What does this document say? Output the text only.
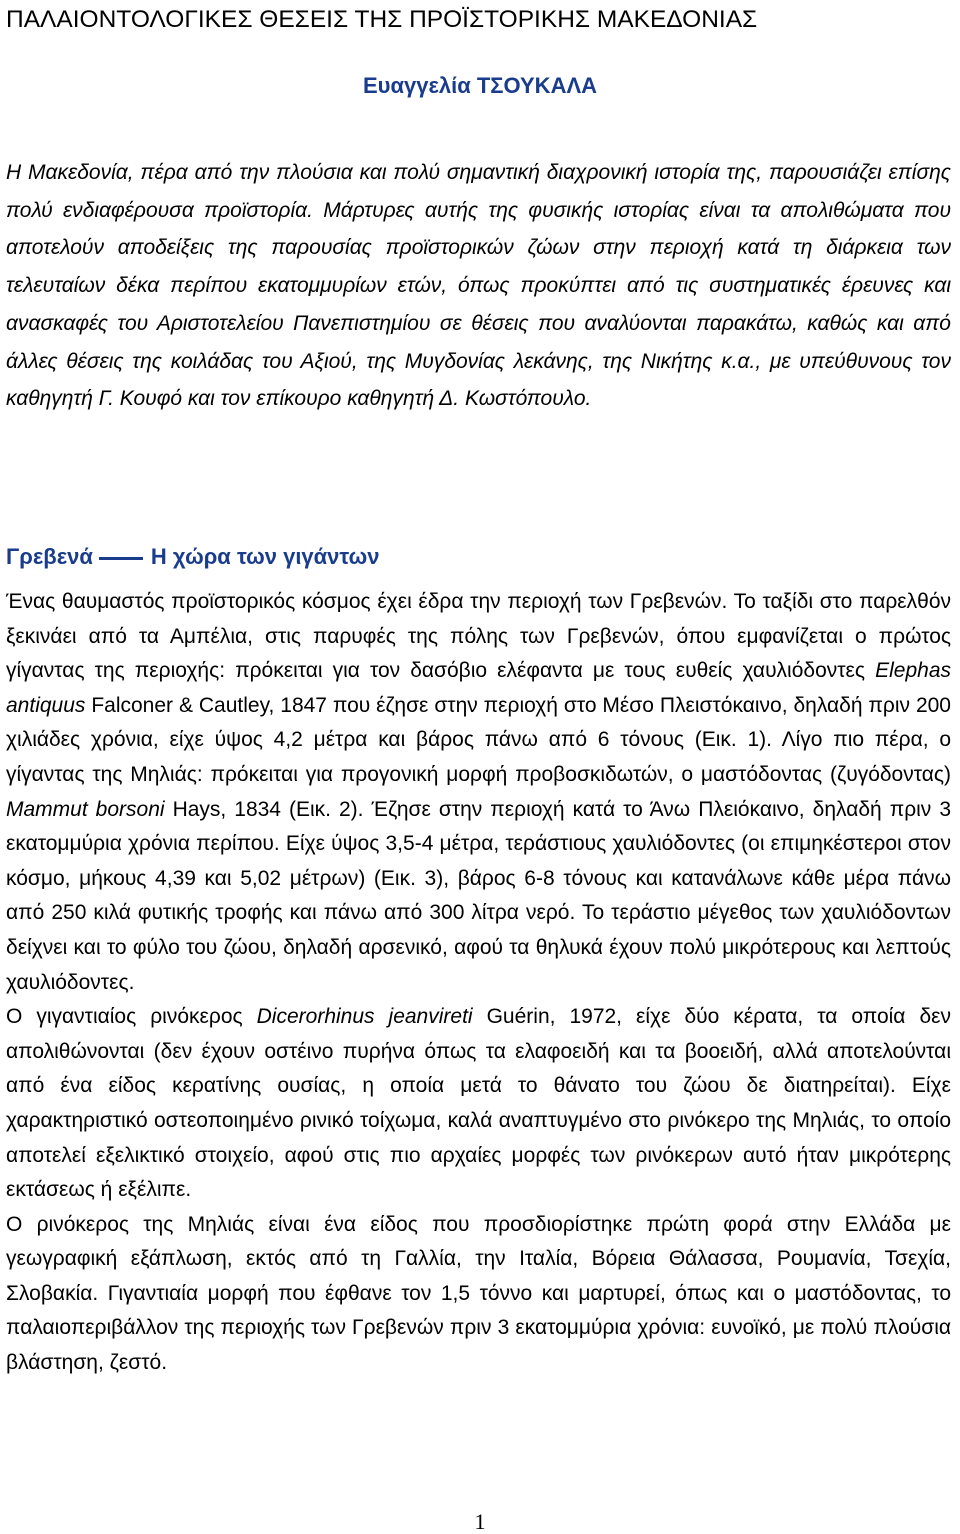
ΠΑΛΑΙΟΝΤΟΛΟΓΙΚΕΣ ΘΕΣΕΙΣ ΤΗΣ ΠΡΟΪΣΤΟΡΙΚΗΣ ΜΑΚΕΔΟΝΙΑΣ
Ευαγγελία ΤΣΟΥΚΑΛΑ

Η Μακεδονία, πέρα από την πλούσια και πολύ σημαντική διαχρονική ιστορία της, παρουσιάζει επίσης πολύ ενδιαφέρουσα προϊστορία. Μάρτυρες αυτής της φυσικής ιστορίας είναι τα απολιθώματα που αποτελούν αποδείξεις της παρουσίας προϊστορικών ζώων στην περιοχή κατά τη διάρκεια των τελευταίων δέκα περίπου εκατομμυρίων ετών, όπως προκύπτει από τις συστηματικές έρευνες και ανασκαφές του Αριστοτελείου Πανεπιστημίου σε θέσεις που αναλύονται παρακάτω, καθώς και από άλλες θέσεις της κοιλάδας του Αξιού, της Μυγδονίας λεκάνης, της Νικήτης κ.α., με υπεύθυνους τον καθηγητή Γ. Κουφό και τον επίκουρο καθηγητή Δ. Κωστόπουλο.

Γρεβενά	Η χώρα των γιγάντων

Ένας θαυμαστός προϊστορικός κόσμος έχει έδρα την περιοχή των Γρεβενών. Το ταξίδι στο παρελθόν ξεκινάει από τα Αμπέλια, στις παρυφές της πόλης των Γρεβενών, όπου εμφανίζεται ο πρώτος γίγαντας της περιοχής: πρόκειται για τον δασόβιο ελέφαντα με τους ευθείς χαυλιόδοντες Elephas antiquus Falconer & Cautley, 1847 που έζησε στην περιοχή στο Μέσο Πλειστόκαινο, δηλαδή πριν 200 χιλιάδες χρόνια, είχε ύψος 4,2 μέτρα και βάρος πάνω από 6 τόνους (Εικ. 1). Λίγο πιο πέρα, ο γίγαντας της Μηλιάς: πρόκειται για προγονική μορφή προβοσκιδωτών, ο μαστόδοντας (ζυγόδοντας) Mammut borsoni Hays, 1834 (Εικ. 2). Έζησε στην περιοχή κατά το Άνω Πλειόκαινο, δηλαδή πριν 3 εκατομμύρια χρόνια περίπου. Είχε ύψος 3,5-4 μέτρα, τεράστιους χαυλιόδοντες (οι επιμηκέστεροι στον κόσμο, μήκους 4,39 και 5,02 μέτρων) (Εικ. 3), βάρος 6-8 τόνους και κατανάλωνε κάθε μέρα πάνω από 250 κιλά φυτικής τροφής και πάνω από 300 λίτρα νερό. Το τεράστιο μέγεθος των χαυλιόδοντων δείχνει και το φύλο του ζώου, δηλαδή αρσενικό, αφού τα θηλυκά έχουν πολύ μικρότερους και λεπτούς χαυλιόδοντες.

Ο γιγαντιαίος ρινόκερος Dicerorhinus jeanvireti Guérin, 1972, είχε δύο κέρατα, τα οποία δεν απολιθώνονται (δεν έχουν οστέινο πυρήνα όπως τα ελαφοειδή και τα βοοειδή, αλλά αποτελούνται από ένα είδος κερατίνης ουσίας, η οποία μετά το θάνατο του ζώου δε διατηρείται). Είχε χαρακτηριστικό οστεοποιημένο ρινικό τοίχωμα, καλά αναπτυγμένο στο ρινόκερο της Μηλιάς, το οποίο αποτελεί εξελικτικό στοιχείο, αφού στις πιο αρχαίες μορφές των ρινόκερων αυτό ήταν μικρότερης εκτάσεως ή εξέλιπε.

Ο ρινόκερος της Μηλιάς είναι ένα είδος που προσδιορίστηκε πρώτη φορά στην Ελλάδα με γεωγραφική εξάπλωση, εκτός από τη Γαλλία, την Ιταλία, Βόρεια Θάλασσα, Ρουμανία, Τσεχία, Σλοβακία. Γιγαντιαία μορφή που έφθανε τον 1,5 τόννο και μαρτυρεί, όπως και ο μαστόδοντας, το παλαιοπεριβάλλον της περιοχής των Γρεβενών πριν 3 εκατομμύρια χρόνια: ευνοϊκό, με πολύ πλούσια βλάστηση, ζεστό.

1
